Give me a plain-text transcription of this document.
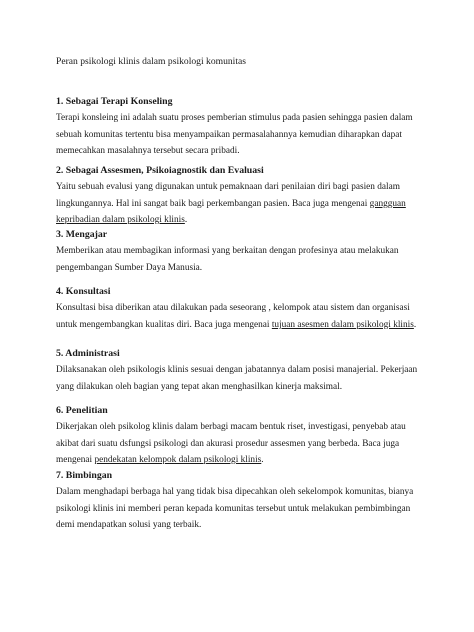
Peran psikologi klinis dalam psikologi komunitas
1. Sebagai Terapi Konseling
Terapi konsleing ini adalah suatu proses pemberian stimulus pada pasien sehingga pasien dalam sebuah komunitas tertentu bisa menyampaikan permasalahannya kemudian diharapkan dapat memecahkan masalahnya tersebut secara pribadi.
2. Sebagai Assesmen, Psikoiagnostik dan Evaluasi
Yaitu sebuah evalusi yang digunakan untuk pemaknaan dari penilaian diri bagi pasien dalam lingkungannya. Hal ini sangat baik bagi perkembangan pasien. Baca juga mengenai gangguan kepribadian dalam psikologi klinis.
3. Mengajar
Memberikan atau membagikan informasi yang berkaitan dengan profesinya atau melakukan pengembangan Sumber Daya Manusia.
4. Konsultasi
Konsultasi bisa diberikan atau dilakukan pada seseorang , kelompok atau sistem dan organisasi untuk mengembangkan kualitas diri. Baca juga mengenai tujuan asesmen dalam psikologi klinis.
5. Administrasi
Dilaksanakan oleh psikologis klinis sesuai dengan jabatannya dalam posisi manajerial. Pekerjaan yang dilakukan oleh bagian yang tepat akan menghasilkan kinerja maksimal.
6. Penelitian
Dikerjakan oleh psikolog klinis dalam berbagi macam bentuk riset, investigasi, penyebab atau akibat dari suatu dsfungsi psikologi dan akurasi prosedur assesmen yang berbeda. Baca juga mengenai pendekatan kelompok dalam psikologi klinis.
7. Bimbingan
Dalam menghadapi berbaga hal yang tidak bisa dipecahkan oleh sekelompok komunitas, bianya psikologi klinis ini memberi peran kepada komunitas tersebut untuk melakukan pembimbingan demi mendapatkan solusi yang terbaik.
